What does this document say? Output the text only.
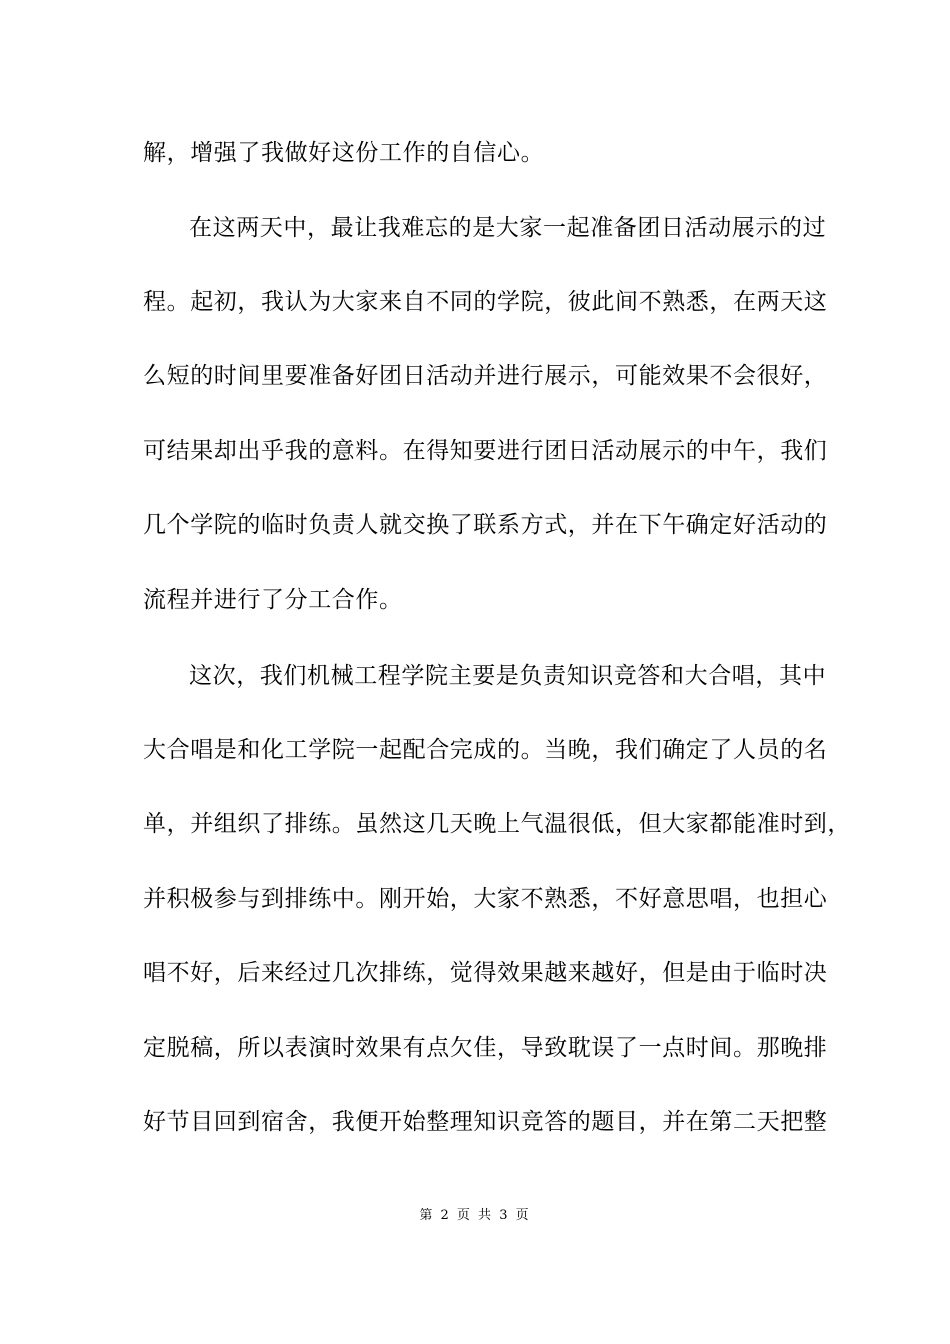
解，增强了我做好这份工作的自信心。
在这两天中，最让我难忘的是大家一起准备团日活动展示的过
程。起初，我认为大家来自不同的学院，彼此间不熟悉，在两天这
么短的时间里要准备好团日活动并进行展示，可能效果不会很好，
可结果却出乎我的意料。在得知要进行团日活动展示的中午，我们
几个学院的临时负责人就交换了联系方式，并在下午确定好活动的
流程并进行了分工合作。
这次，我们机械工程学院主要是负责知识竞答和大合唱，其中
大合唱是和化工学院一起配合完成的。当晚，我们确定了人员的名
单，并组织了排练。虽然这几天晚上气温很低，但大家都能准时到，
并积极参与到排练中。刚开始，大家不熟悉，不好意思唱，也担心
唱不好，后来经过几次排练，觉得效果越来越好，但是由于临时决
定脱稿，所以表演时效果有点欠佳，导致耽误了一点时间。那晚排
好节目回到宿舍，我便开始整理知识竞答的题目，并在第二天把整
第 2 页 共 3 页
